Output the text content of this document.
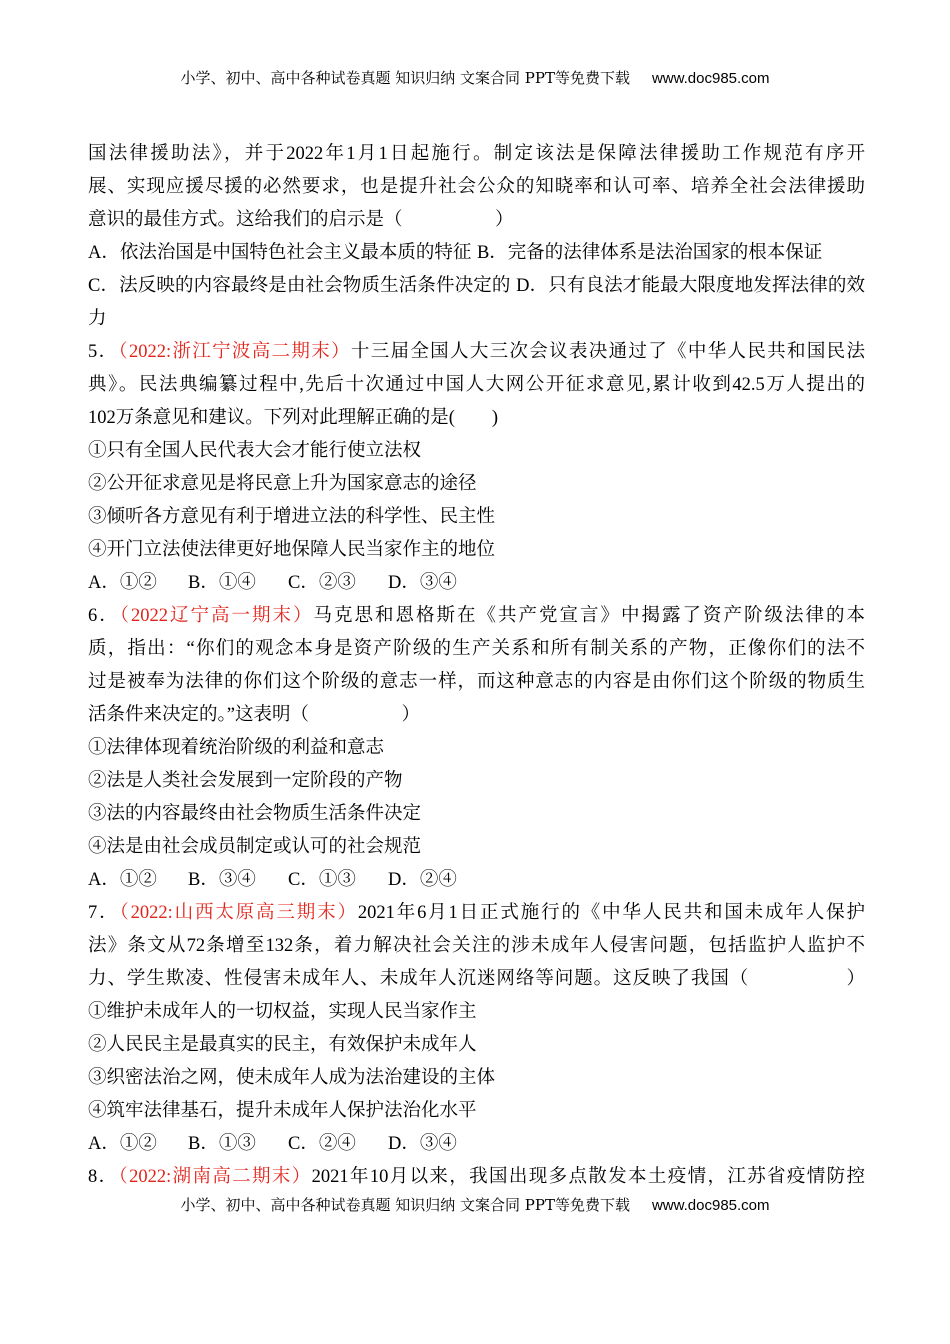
小学、初中、高中各种试卷真题 知识归纳 文案合同 PPT等免费下载 www.doc985.com
国法律援助法》，并于2022年1月1日起施行。制定该法是保障法律援助工作规范有序开
展、实现应援尽援的必然要求，也是提升社会公众的知晓率和认可率、培养全社会法律援助
意识的最佳方式。这给我们的启示是（　　　　　）
A．依法治国是中国特色社会主义最本质的特征 B．完备的法律体系是法治国家的根本保证
C．法反映的内容最终是由社会物质生活条件决定的 D．只有良法才能最大限度地发挥法律的效力
5．（2022:浙江宁波高二期末）十三届全国人大三次会议表决通过了《中华人民共和国民法
典》。民法典编纂过程中,先后十次通过中国人大网公开征求意见,累计收到42.5万人提出的
102万条意见和建议。下列对此理解正确的是(　　)
①只有全国人民代表大会才能行使立法权
②公开征求意见是将民意上升为国家意志的途径
③倾听各方意见有利于增进立法的科学性、民主性
④开门立法使法律更好地保障人民当家作主的地位
A．①② B．①④ C．②③ D．③④
6．（2022辽宁高一期末）马克思和恩格斯在《共产党宣言》中揭露了资产阶级法律的本
质，指出：“你们的观念本身是资产阶级的生产关系和所有制关系的产物，正像你们的法不
过是被奉为法律的你们这个阶级的意志一样，而这种意志的内容是由你们这个阶级的物质生
活条件来决定的。”这表明（　　　　　）
①法律体现着统治阶级的利益和意志
②法是人类社会发展到一定阶段的产物
③法的内容最终由社会物质生活条件决定
④法是由社会成员制定或认可的社会规范
A．①② B．③④ C．①③ D．②④
7．（2022:山西太原高三期末）2021年6月1日正式施行的《中华人民共和国未成年人保护
法》条文从72条增至132条，着力解决社会关注的涉未成年人侵害问题，包括监护人监护不
力、学生欺凌、性侵害未成年人、未成年人沉迷网络等问题。这反映了我国（　　　　　）
①维护未成年人的一切权益，实现人民当家作主
②人民民主是最真实的民主，有效保护未成年人
③织密法治之网，使未成年人成为法治建设的主体
④筑牢法律基石，提升未成年人保护法治化水平
A．①② B．①③ C．②④ D．③④
8．（2022:湖南高二期末）2021年10月以来，我国出现多点散发本土疫情，江苏省疫情防控
小学、初中、高中各种试卷真题 知识归纳 文案合同 PPT等免费下载 www.doc985.com
